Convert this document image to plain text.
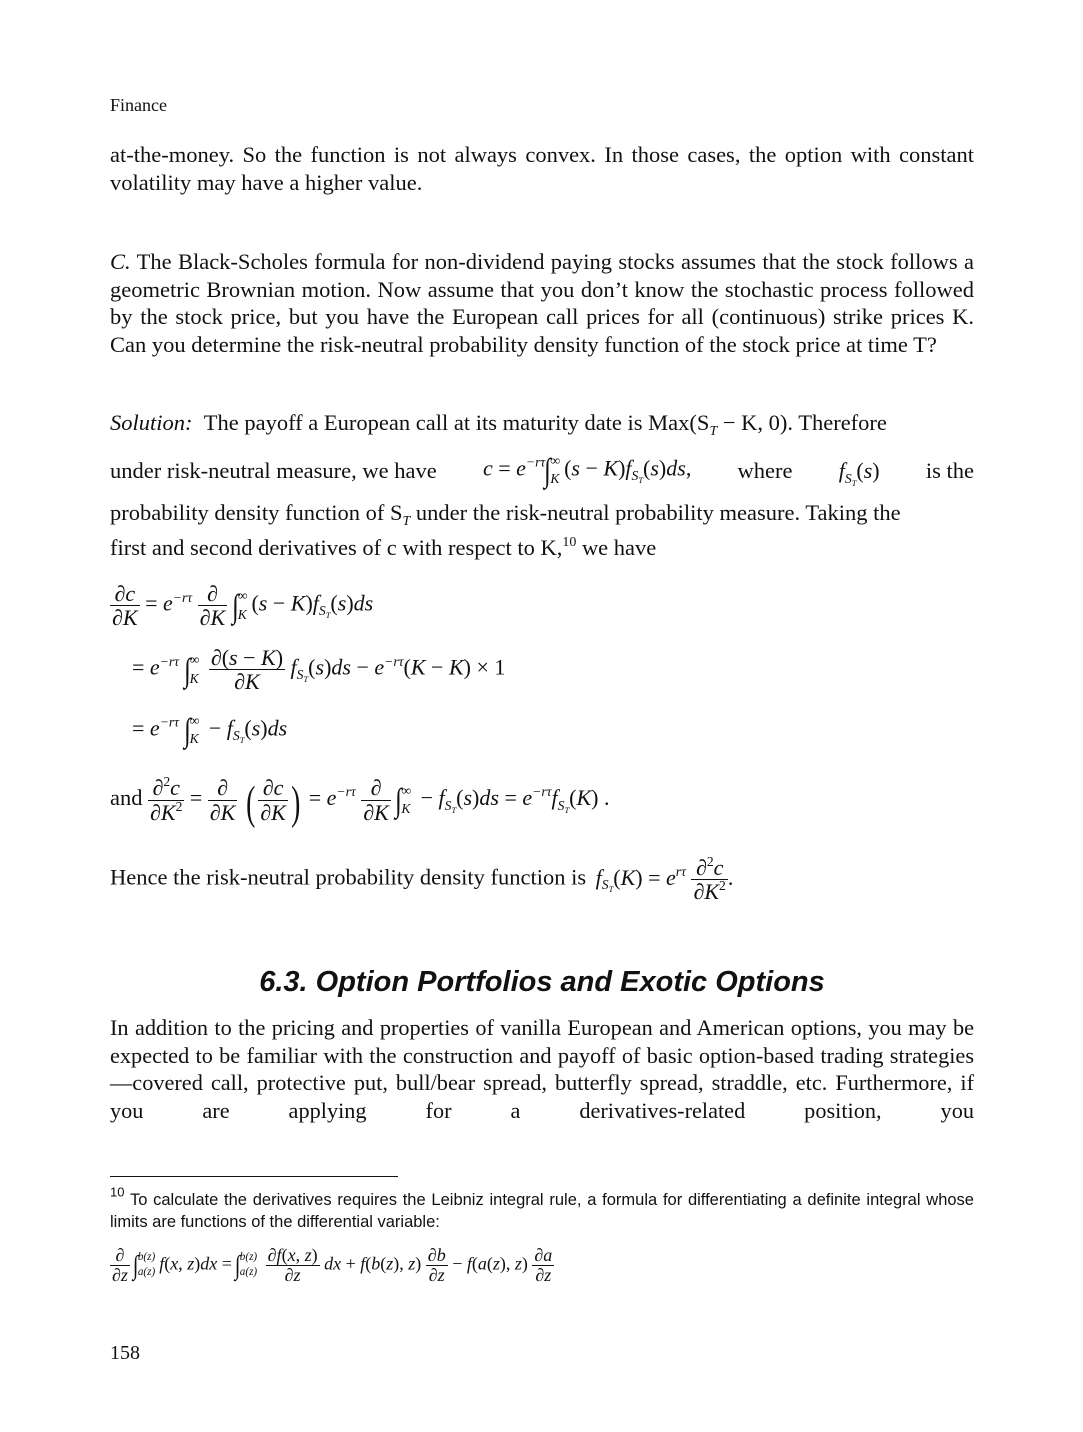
Finance
at-the-money. So the function is not always convex. In those cases, the option with constant volatility may have a higher value.
C. The Black-Scholes formula for non-dividend paying stocks assumes that the stock follows a geometric Brownian motion. Now assume that you don’t know the stochastic process followed by the stock price, but you have the European call prices for all (continuous) strike prices K. Can you determine the risk-neutral probability density function of the stock price at time T?
Solution: The payoff a European call at its maturity date is $Max(S_T - K$, 0). Therefore
under risk-neutral measure, we have $c = e^{-r\tau}\int$ ∞
K $(s - K)f_{S_T}(s)ds$, where $f_{S_T}(s)$ is the
probability density function of $S_T$ under the risk-neutral probability measure. Taking the
first and second derivatives of c with respect to K,$^{10}$ we have
$\frac{\partial c}{\partial K} = e^{-r\tau} \frac{\partial}{\partial K}$ ∫ ∞
K $(s - K)f_{S_T}(s)ds$
= $e^{-r\tau}$ ∫ ∞
K
$\frac{\partial(s - K)}{\partial K} f_{S_T}(s)ds - e^{-r\tau}(K - K) \times 1$
= $e^{-r\tau}$ ∫ ∞
$K - f_{S_T}(s)ds$
and $\frac{\partial^2c}{\partial K^2} = \frac{\partial}{\partial K}$ ( $\frac{\partial c}{\partial K}$ ) = $e^{-r\tau} \frac{\partial}{\partial K}$ ∫ ∞
$K - f_{S_T}(s)ds = e^{-r\tau}f_{S_T}(K)$ .
Hence the risk-neutral probability density function is $f_{S_T}(K) = e^{r\tau} \frac{\partial^2c}{\partial K^2}$ .
6.3. Option Portfolios and Exotic Options
In addition to the pricing and properties of vanilla European and American options, you may be expected to be familiar with the construction and payoff of basic option-based trading strategies—covered call, protective put, bull/bear spread, butterfly spread, straddle, etc. Furthermore, if you are applying for a derivatives-related position, you
$^{10}$ To calculate the derivatives requires the Leibniz integral rule, a formula for differentiating a definite integral whose limits are functions of the differential variable:
$\frac{\partial}{\partial z}$ ∫
b(z)
a(z) f(x, z)dx = ∫
b(z)
a(z)
$\frac{\partial f(x, z)}{\partial z}$ dx + f(b(z), $z) \frac{\partial b}{\partial z} - f(a(z)$, $z) \frac{\partial a}{\partial z}$
158
